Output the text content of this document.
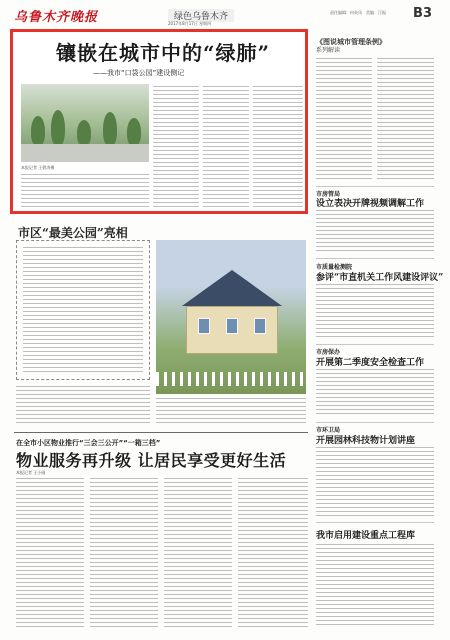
乌鲁木齐晚报	绿色乌鲁木齐
2017年8月17日 星期四
责任编辑：何英凤　美编：江振 B3
镶嵌在城市中的“绿肺”
——我市“口袋公园”建设侧记
本报记者 王碧涛摄
《图说城市管理条例》
系列解读
市房管局
设立表决开牌视频调解工作
市质量检测院
参评“市直机关工作风建设评议”
市房保办
开展第二季度安全检查工作
市环卫局
开展园林科技物计划讲座
我市启用建设重点工程库
市区“最美公园”亮相
在全市小区物业推行“三会三公开”“一箱三档”
物业服务再升级 让居民享受更好生活
本报记者 王小刚
